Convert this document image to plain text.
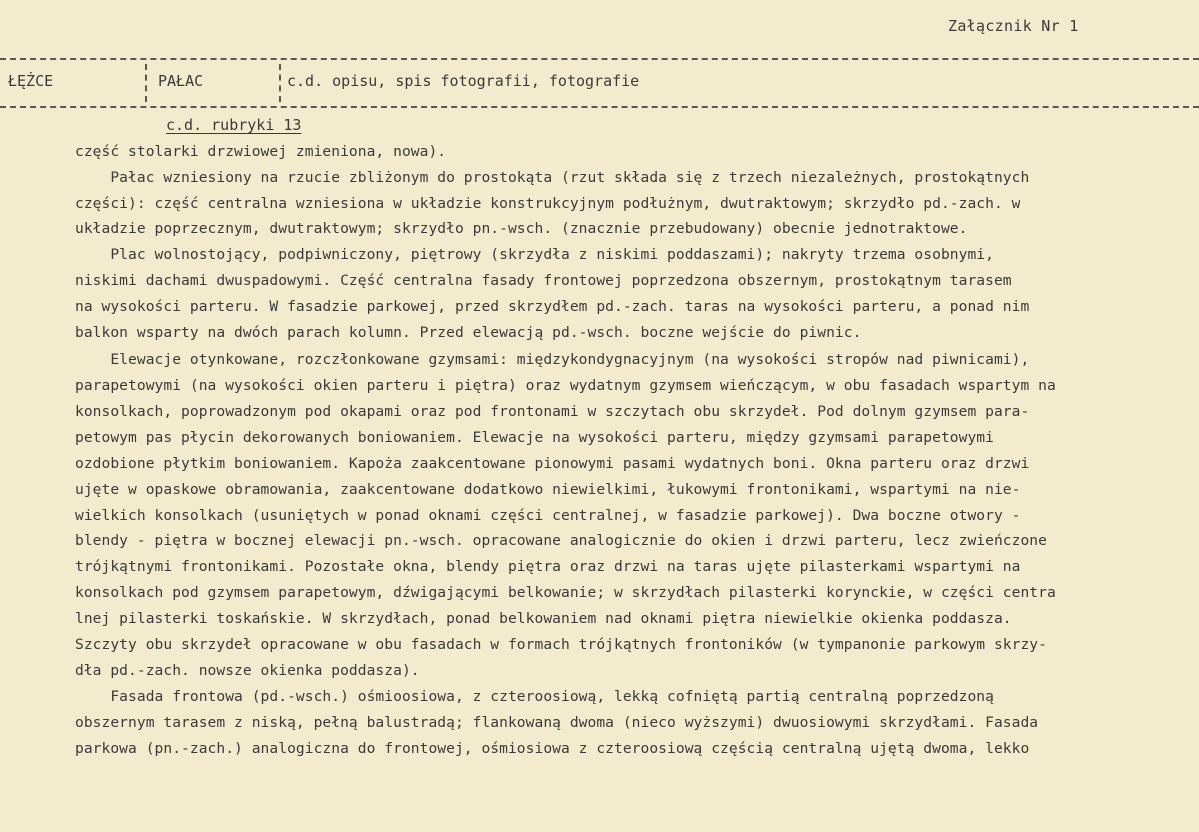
Załącznik Nr 1
ŁĘŻCE	PAŁAC	c.d. opisu, spis fotografii, fotografie
c.d. rubryki 13
część stolarki drzwiowej zmieniona, nowa).
Pałac wzniesiony na rzucie zbliżonym do prostokąta (rzut składa się z trzech niezależnych, prostokątnych
części): część centralna wzniesiona w układzie konstrukcyjnym podłużnym, dwutraktowym; skrzydło pd.-zach. w
układzie poprzecznym, dwutraktowym; skrzydło pn.-wsch. (znacznie przebudowany) obecnie jednotraktowe.
Plac wolnostojący, podpiwniczony, piętrowy (skrzydła z niskimi poddaszami); nakryty trzema osobnymi,
niskimi dachami dwuspadowymi. Część centralna fasady frontowej poprzedzona obszernym, prostokątnym tarasem
na wysokości parteru. W fasadzie parkowej, przed skrzydłem pd.-zach. taras na wysokości parteru, a ponad nim
balkon wsparty na dwóch parach kolumn. Przed elewacją pd.-wsch. boczne wejście do piwnic.
Elewacje otynkowane, rozczłonkowane gzymsami: międzykondygnacyjnym (na wysokości stropów nad piwnicami),
parapetowymi (na wysokości okien parteru i piętra) oraz wydatnym gzymsem wieńczącym, w obu fasadach wspartym na
konsolkach, poprowadzonym pod okapami oraz pod frontonami w szczytach obu skrzydeł. Pod dolnym gzymsem para-
petowym pas płycin dekorowanych boniowaniem. Elewacje na wysokości parteru, między gzymsami parapetowymi
ozdobione płytkim boniowaniem. Kароża zaakcentowane pionowymi pasami wydatnych boni. Okna parteru oraz drzwi
ujęte w opaskowe obramowania, zaakcentowane dodatkowo niewielkimi, łukowymi frontonikami, wspartymi na nie-
wielkich konsolkach (usuniętych w ponad oknami części centralnej, w fasadzie parkowej). Dwa boczne otwory -
blendy - piętra w bocznej elewacji pn.-wsch. opracowane analogicznie do okien i drzwi parteru, lecz zwieńczone
trójkątnymi frontonikami. Pozostałe okna, blendy piętra oraz drzwi na taras ujęte pilasterkami wspartymi na
konsolkach pod gzymsem parapetowym, dźwigającymi belkowanie; w skrzydłach pilasterki korynckie, w części centra
lnej pilasterki toskańskie. W skrzydłach, ponad belkowaniem nad oknami piętra niewielkie okienka poddasza.
Szczyty obu skrzydeł opracowane w obu fasadach w formach trójkątnych frontoników (w tympanonie parkowym skrzy-
dła pd.-zach. nowsze okienka poddasza).
Fasada frontowa (pd.-wsch.) ośmioosiowa, z czteroosiową, lekką cofniętą partią centralną poprzedzoną
obszernym tarasem z niską, pełną balustradą; flankowaną dwoma (nieco wyższymi) dwuosiowymi skrzydłami. Fasada
parkowa (pn.-zach.) analogiczna do frontowej, ośmiosiowa z czteroosiową częścią centralną ujętą dwoma, lekko
